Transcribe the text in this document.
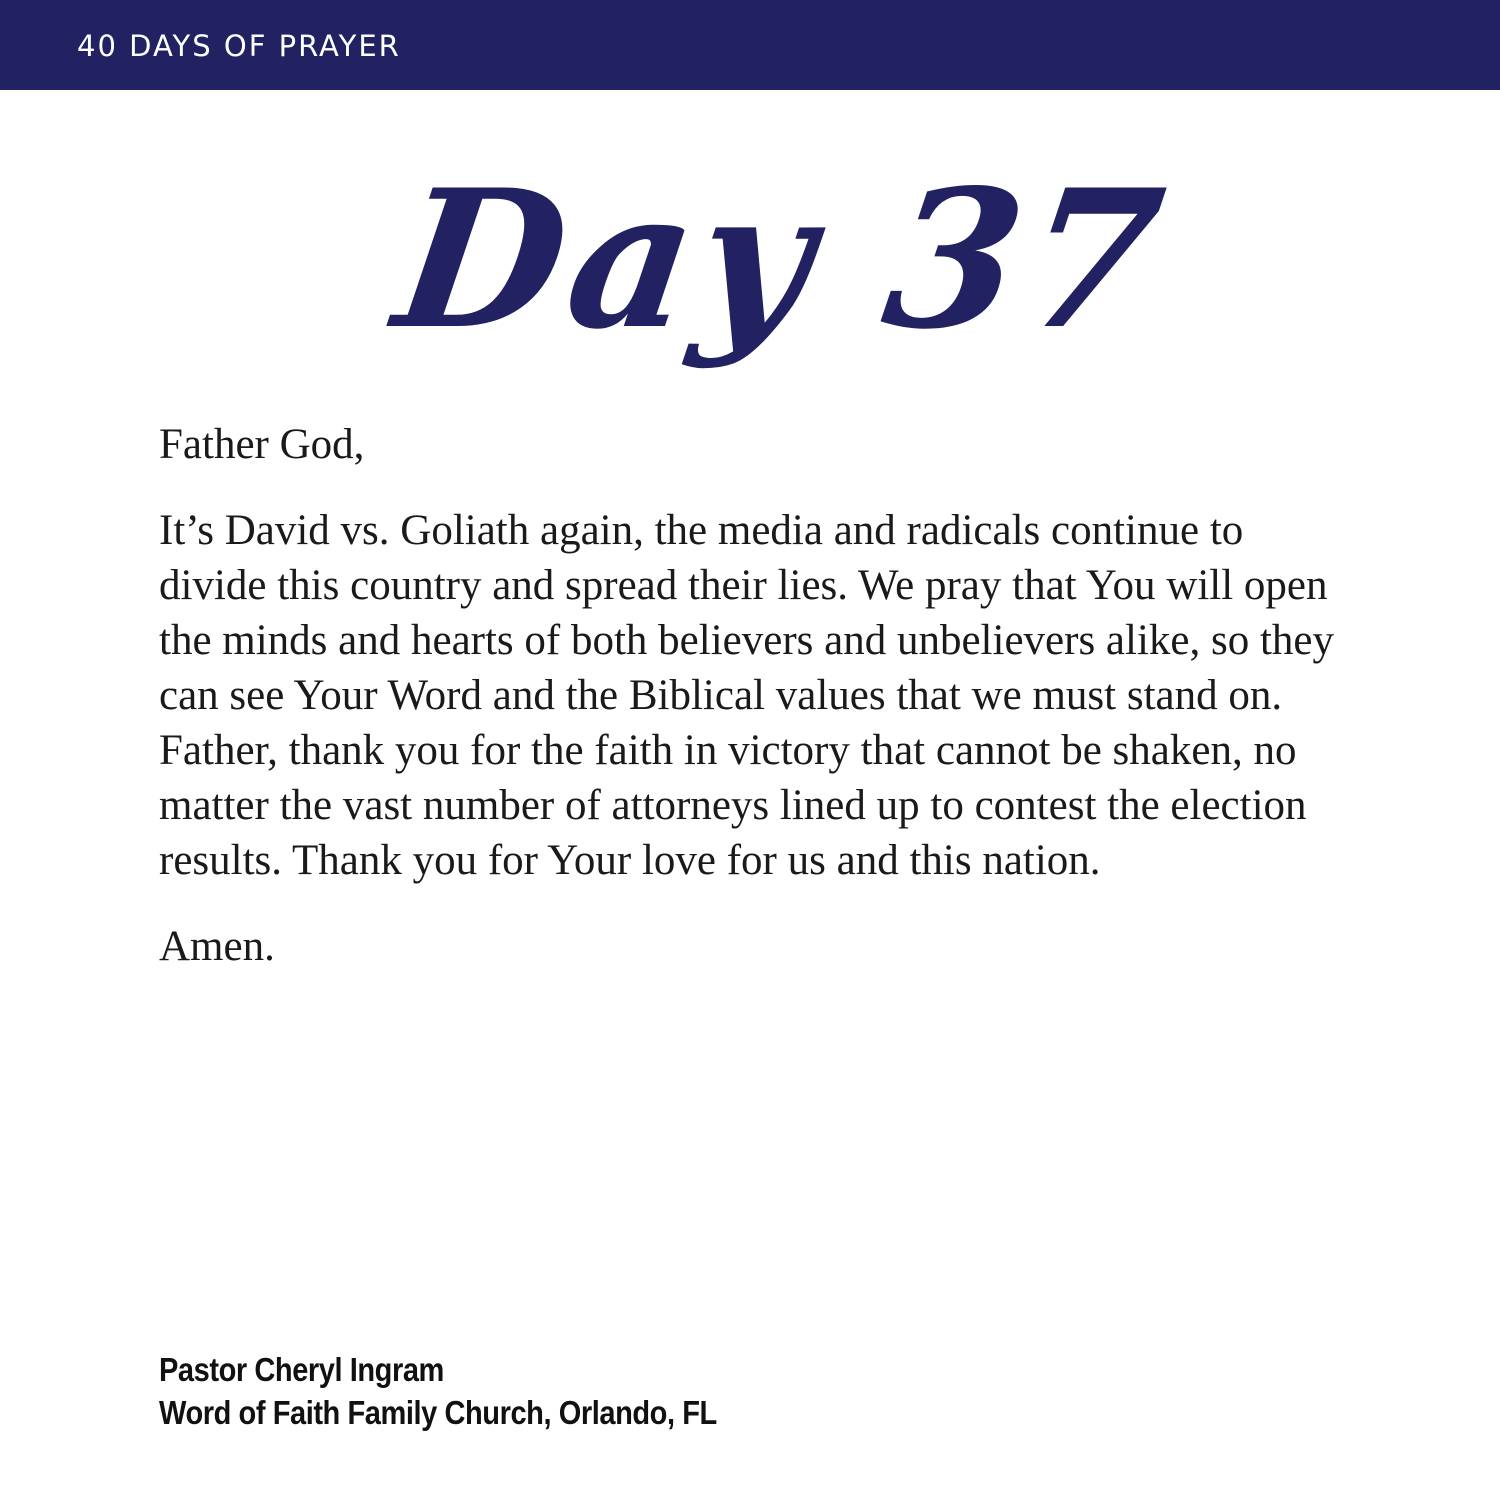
40 DAYS OF PRAYER
Day 37

Father God,

It’s David vs. Goliath again, the media and radicals continue to divide this country and spread their lies. We pray that You will open the minds and hearts of both believers and unbelievers alike, so they can see Your Word and the Biblical values that we must stand on. Father, thank you for the faith in victory that cannot be shaken, no matter the vast number of attorneys lined up to contest the election results. Thank you for Your love for us and this nation.

Amen.

Pastor Cheryl Ingram
Word of Faith Family Church, Orlando, FL
